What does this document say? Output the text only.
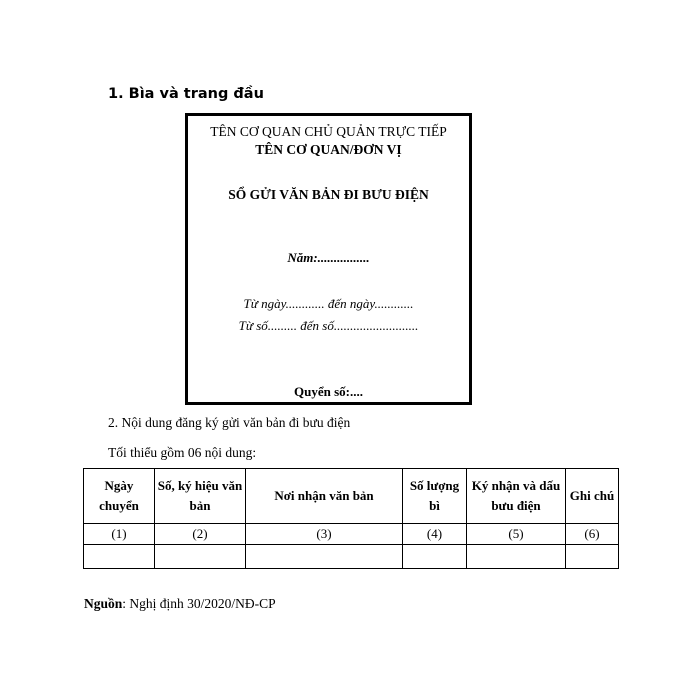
1. Bìa và trang đầu
TÊN CƠ QUAN CHỦ QUẢN TRỰC TIẾP
TÊN CƠ QUAN/ĐƠN VỊ
SỔ GỬI VĂN BẢN ĐI BƯU ĐIỆN
Năm:................
Từ ngày............ đến ngày............
Từ số......... đến số..........................
Quyển số:....
2. Nội dung đăng ký gửi văn bản đi bưu điện
Tối thiểu gồm 06 nội dung:
Ngày chuyển	Số, ký hiệu văn bản	Nơi nhận văn bản	Số lượng bì	Ký nhận và dấu bưu điện	Ghi chú
(1)	(2)	(3)	(4)	(5)	(6)

Nguồn: Nghị định 30/2020/NĐ-CP
